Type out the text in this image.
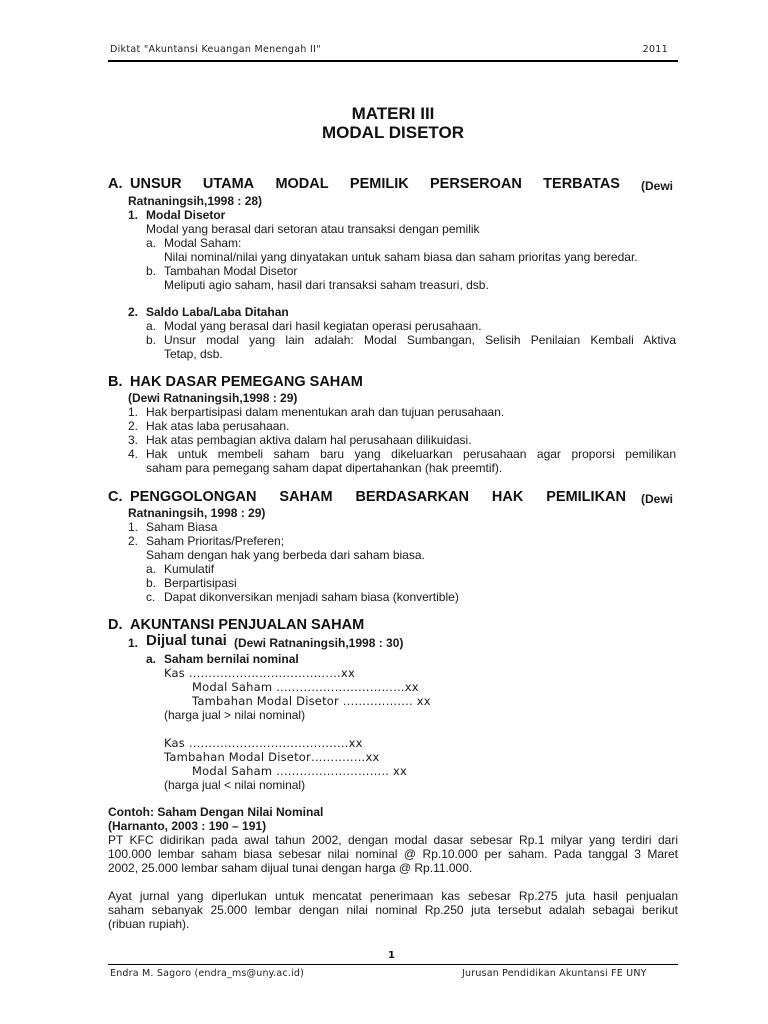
Diktat "Akuntansi Keuangan Menengah II"	2011
MATERI III
MODAL DISETOR
A. UNSUR UTAMA MODAL PEMILIK PERSEROAN TERBATAS (Dewi
Ratnaningsih,1998 : 28)
1. Modal Disetor
Modal yang berasal dari setoran atau transaksi dengan pemilik
a. Modal Saham:
Nilai nominal/nilai yang dinyatakan untuk saham biasa dan saham prioritas yang beredar.
b. Tambahan Modal Disetor
Meliputi agio saham, hasil dari transaksi saham treasuri, dsb.
2. Saldo Laba/Laba Ditahan
a. Modal yang berasal dari hasil kegiatan operasi perusahaan.
b. Unsur modal yang lain adalah: Modal Sumbangan, Selisih Penilaian Kembali Aktiva
Tetap, dsb.
B. HAK DASAR PEMEGANG SAHAM
(Dewi Ratnaningsih,1998 : 29)
1. Hak berpartisipasi dalam menentukan arah dan tujuan perusahaan.
2. Hak atas laba perusahaan.
3. Hak atas pembagian aktiva dalam hal perusahaan dilikuidasi.
4. Hak untuk membeli saham baru yang dikeluarkan perusahaan agar proporsi pemilikan
saham para pemegang saham dapat dipertahankan (hak preemtif).
C. PENGGOLONGAN SAHAM BERDASARKAN HAK PEMILIKAN (Dewi
Ratnaningsih, 1998 : 29)
1. Saham Biasa
2. Saham Prioritas/Preferen;
Saham dengan hak yang berbeda dari saham biasa.
a. Kumulatif
b. Berpartisipasi
c. Dapat dikonversikan menjadi saham biasa (konvertible)
D. AKUNTANSI PENJUALAN SAHAM
1. Dijual tunai (Dewi Ratnaningsih,1998 : 30)
a. Saham bernilai nominal
Kas …………………………………xx
Modal Saham ……………………………xx
Tambahan Modal Disetor ……..………. xx
(harga jual > nilai nominal)
Kas ………………………………..…xx
Tambahan Modal Disetor………..…xx
Modal Saham ……………………….. xx
(harga jual < nilai nominal)
Contoh: Saham Dengan Nilai Nominal
(Harnanto, 2003 : 190 – 191)
PT KFC didirikan pada awal tahun 2002, dengan modal dasar sebesar Rp.1 milyar yang terdiri dari
100.000 lembar saham biasa sebesar nilai nominal @ Rp.10.000 per saham. Pada tanggal 3 Maret
2002, 25.000 lembar saham dijual tunai dengan harga @ Rp.11.000.
Ayat jurnal yang diperlukan untuk mencatat penerimaan kas sebesar Rp.275 juta hasil penjualan
saham sebanyak 25.000 lembar dengan nilai nominal Rp.250 juta tersebut adalah sebagai berikut
(ribuan rupiah).
1
Endra M. Sagoro (endra_ms@uny.ac.id)	Jurusan Pendidikan Akuntansi FE UNY
